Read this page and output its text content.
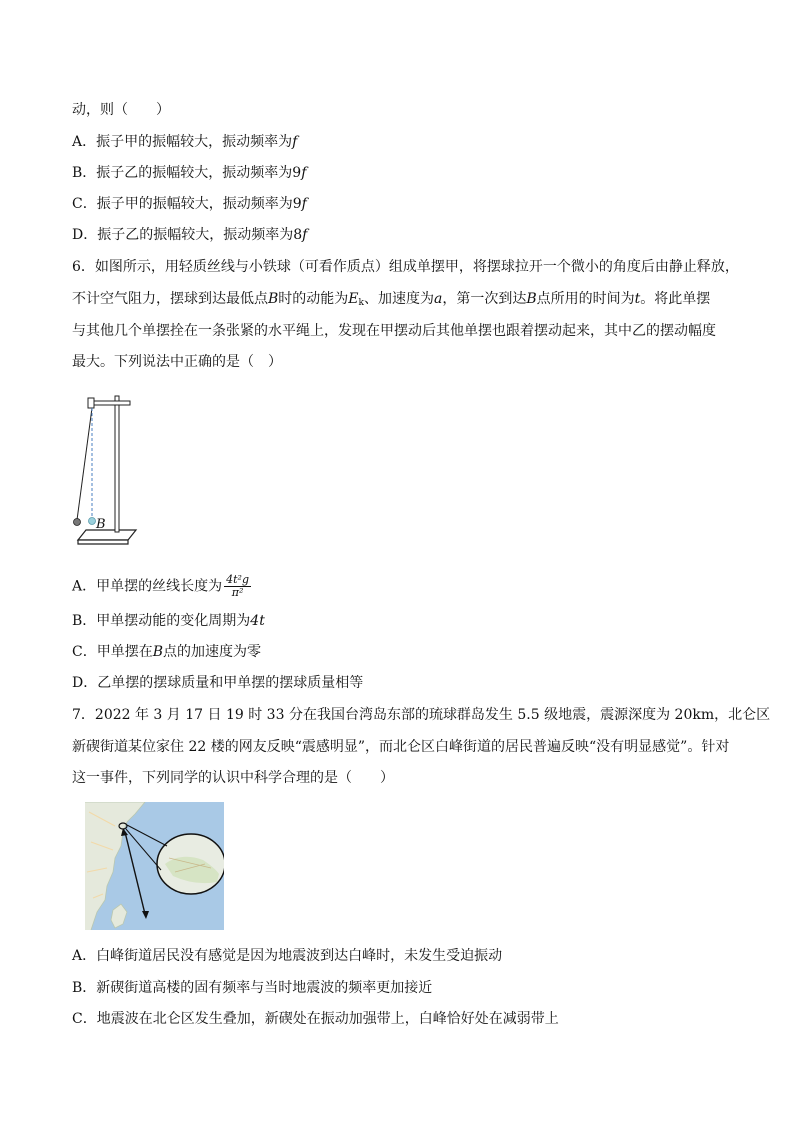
动，则（　　）
A．振子甲的振幅较大，振动频率为f
B．振子乙的振幅较大，振动频率为9f
C．振子甲的振幅较大，振动频率为9f
D．振子乙的振幅较大，振动频率为8f
6．如图所示，用轻质丝线与小铁球（可看作质点）组成单摆甲，将摆球拉开一个微小的角度后由静止释放，
不计空气阻力，摆球到达最低点B时的动能为$E_k$、加速度为a，第一次到达B点所用的时间为t。将此单摆
与其他几个单摆拴在一条张紧的水平绳上，发现在甲摆动后其他单摆也跟着摆动起来，其中乙的摆动幅度
最大。下列说法中正确的是（　）
B
A．甲单摆的丝线长度为 $\frac{\text{4t²g}}{\text{π²}}$
B．甲单摆动能的变化周期为4t
C．甲单摆在B点的加速度为零
D．乙单摆的摆球质量和甲单摆的摆球质量相等
7．2022 年 3 月 17 日 19 时 33 分在我国台湾岛东部的琉球群岛发生 5.5 级地震，震源深度为 20km，北仑区
新碶街道某位家住 22 楼的网友反映“震感明显”，而北仑区白峰街道的居民普遍反映“没有明显感觉”。针对
这一事件，下列同学的认识中科学合理的是（　　）
A．白峰街道居民没有感觉是因为地震波到达白峰时，未发生受迫振动
B．新碶街道高楼的固有频率与当时地震波的频率更加接近
C．地震波在北仑区发生叠加，新碶处在振动加强带上，白峰恰好处在减弱带上
